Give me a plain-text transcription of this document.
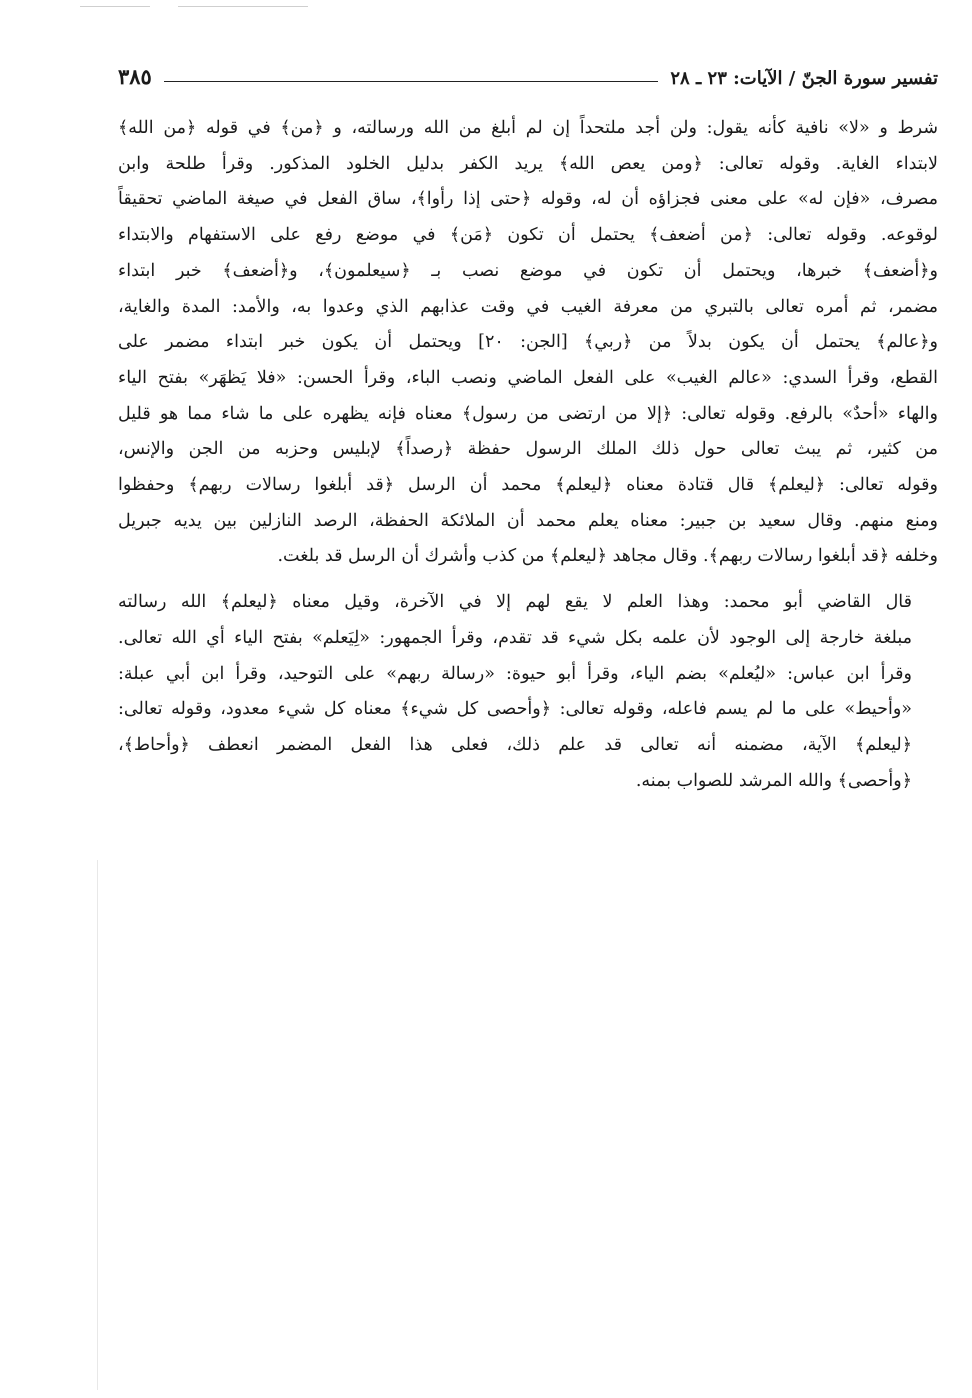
تفسير سورة الجنّ / الآيات: ٢٣ ـ ٢٨
٣٨٥
شرط و «لا» نافية كأنه يقول: ولن أجد ملتحداً إن لم أبلغ من الله ورسالته، و ﴿من﴾ في قوله ﴿من الله﴾
لابتداء الغاية. وقوله تعالى: ﴿ومن يعص الله﴾ يريد الكفر بدليل الخلود المذكور. وقرأ طلحة وابن
مصرف، «فإن له» على معنى فجزاؤه أن له، وقوله ﴿حتى إذا رأوا﴾، ساق الفعل في صيغة الماضي تحقيقاً
لوقوعه. وقوله تعالى: ﴿من أضعف﴾ يحتمل أن تكون ﴿مَن﴾ في موضع رفع على الاستفهام والابتداء
و﴿أضعف﴾ خبرها، ويحتمل أن تكون في موضع نصب بـ ﴿سيعلمون﴾، و﴿أضعف﴾ خبر ابتداء
مضمر، ثم أمره تعالى بالتبري من معرفة الغيب في وقت عذابهم الذي وعدوا به، والأمد: المدة والغاية،
و﴿عالم﴾ يحتمل أن يكون بدلاً من ﴿ربي﴾ [الجن: ٢٠] ويحتمل أن يكون خبر ابتداء مضمر على
القطع، وقرأ السدي: «عالم الغيب» على الفعل الماضي ونصب الباء، وقرأ الحسن: «فلا يَظهَر» بفتح الياء
والهاء «أحدٌ» بالرفع. وقوله تعالى: ﴿إلا من ارتضى من رسول﴾ معناه فإنه يظهره على ما شاء مما هو قليل
من كثير، ثم يبث تعالى حول ذلك الملك الرسول حفظة ﴿رصداً﴾ لإبليس وحزبه من الجن والإنس،
وقوله تعالى: ﴿ليعلم﴾ قال قتادة معناه ﴿ليعلم﴾ محمد أن الرسل ﴿قد أبلغوا رسالات ربهم﴾ وحفظوا
ومنع منهم. وقال سعيد بن جبير: معناه يعلم محمد أن الملائكة الحفظة، الرصد النازلين بين يديه جبريل
وخلفه ﴿قد أبلغوا رسالات ربهم﴾. وقال مجاهد ﴿ليعلم﴾ من كذب وأشرك أن الرسل قد بلغت.
قال القاضي أبو محمد: وهذا العلم لا يقع لهم إلا في الآخرة، وقيل معناه ﴿ليعلم﴾ الله رسالته
مبلغة خارجة إلى الوجود لأن علمه بكل شيء قد تقدم، وقرأ الجمهور: «لِيَعلم» بفتح الياء أي الله تعالى.
وقرأ ابن عباس: «ليُعلم» بضم الياء، وقرأ أبو حيوة: «رسالة ربهم» على التوحيد، وقرأ ابن أبي عبلة:
«وأحيط» على ما لم يسم فاعله، وقوله تعالى: ﴿وأحصى كل شيء﴾ معناه كل شيء معدود، وقوله تعالى:
﴿ليعلم﴾ الآية، مضمنه أنه تعالى قد علم ذلك، فعلى هذا الفعل المضمر انعطف ﴿وأحاط﴾،
﴿وأحصى﴾ والله المرشد للصواب بمنه.
